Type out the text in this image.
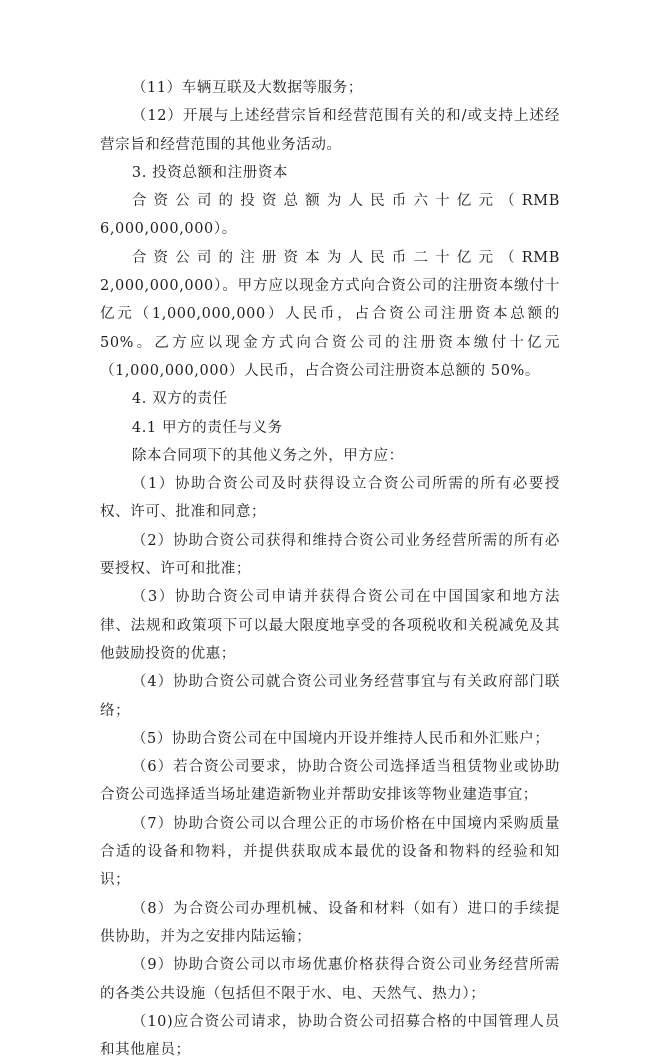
（11）车辆互联及大数据等服务；

（12）开展与上述经营宗旨和经营范围有关的和/或支持上述经营宗旨和经营范围的其他业务活动。

3. 投资总额和注册资本

合资公司的投资总额为人民币六十亿元（RMB 6,000,000,000）。

合资公司的注册资本为人民币二十亿元（RMB 2,000,000,000）。甲方应以现金方式向合资公司的注册资本缴付十亿元（1,000,000,000）人民币，占合资公司注册资本总额的 50%。乙方应以现金方式向合资公司的注册资本缴付十亿元（1,000,000,000）人民币，占合资公司注册资本总额的 50%。

4. 双方的责任

4.1 甲方的责任与义务

除本合同项下的其他义务之外，甲方应：

（1）协助合资公司及时获得设立合资公司所需的所有必要授权、许可、批准和同意；

（2）协助合资公司获得和维持合资公司业务经营所需的所有必要授权、许可和批准；

（3）协助合资公司申请并获得合资公司在中国国家和地方法律、法规和政策项下可以最大限度地享受的各项税收和关税减免及其他鼓励投资的优惠；

（4）协助合资公司就合资公司业务经营事宜与有关政府部门联络；

（5）协助合资公司在中国境内开设并维持人民币和外汇账户；

（6）若合资公司要求，协助合资公司选择适当租赁物业或协助合资公司选择适当场址建造新物业并帮助安排该等物业建造事宜；

（7）协助合资公司以合理公正的市场价格在中国境内采购质量合适的设备和物料，并提供获取成本最优的设备和物料的经验和知识；

（8）为合资公司办理机械、设备和材料（如有）进口的手续提供协助，并为之安排内陆运输；

（9）协助合资公司以市场优惠价格获得合资公司业务经营所需的各类公共设施（包括但不限于水、电、天然气、热力）；

（10)应合资公司请求，协助合资公司招募合格的中国管理人员和其他雇员；
